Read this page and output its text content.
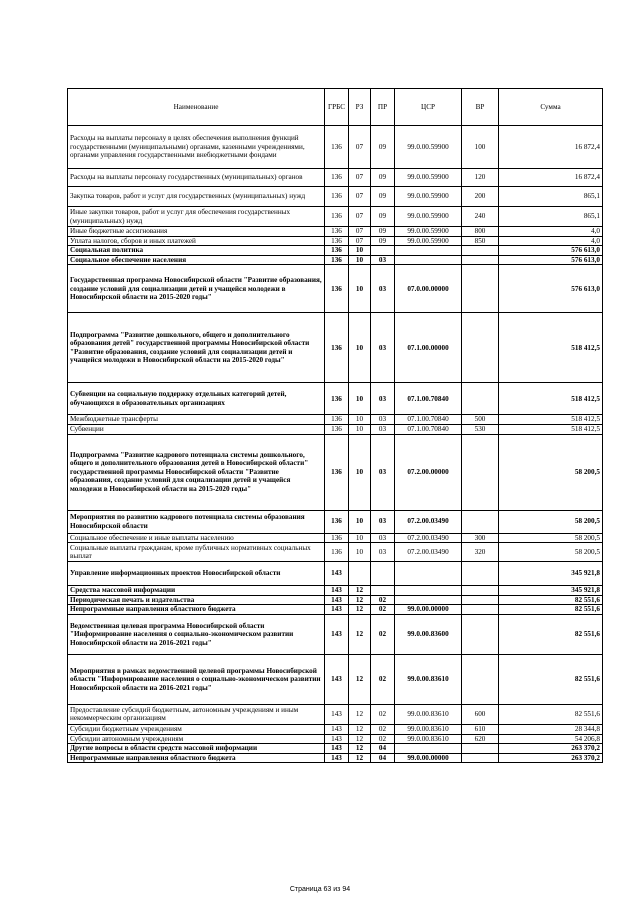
Наименование	ГРБС	РЗ	ПР	ЦСР	ВР	Сумма
Расходы на выплаты персоналу в целях обеспечения выполнения функций государственными (муниципальными) органами, казенными учреждениями, органами управления государственными внебюджетными фондами	136	07	09	99.0.00.59900	100	16 872,4
Расходы на выплаты персоналу государственных (муниципальных) органов	136	07	09	99.0.00.59900	120	16 872,4
Закупка товаров, работ и услуг для государственных (муниципальных) нужд	136	07	09	99.0.00.59900	200	865,1
Иные закупки товаров, работ и услуг для обеспечения государственных (муниципальных) нужд	136	07	09	99.0.00.59900	240	865,1
Иные бюджетные ассигнования	136	07	09	99.0.00.59900	800	4,0
Уплата налогов, сборов и иных платежей	136	07	09	99.0.00.59900	850	4,0
Социальная политика	136	10				576 613,0
Социальное обеспечение населения	136	10	03			576 613,0
Государственная программа Новосибирской области "Развитие образования, создание условий для социализации детей и учащейся молодежи в Новосибирской области на 2015-2020 годы"	136	10	03	07.0.00.00000		576 613,0
Подпрограмма "Развитие дошкольного, общего и дополнительного образования детей" государственной программы Новосибирской области "Развитие образования, создание условий для социализации детей и учащейся молодежи в Новосибирской области на 2015-2020 годы"	136	10	03	07.1.00.00000		518 412,5
Субвенции на социальную поддержку отдельных категорий детей, обучающихся в образовательных организациях	136	10	03	07.1.00.70840		518 412,5
Межбюджетные трансферты	136	10	03	07.1.00.70840	500	518 412,5
Субвенции	136	10	03	07.1.00.70840	530	518 412,5
Подпрограмма "Развитие кадрового потенциала системы дошкольного, общего и дополнительного образования детей в Новосибирской области" государственной программы Новосибирской области "Развитие образования, создание условий для социализации детей и учащейся молодежи в Новосибирской области на 2015-2020 годы"	136	10	03	07.2.00.00000		58 200,5
Мероприятия по развитию кадрового потенциала системы образования Новосибирской области	136	10	03	07.2.00.03490		58 200,5
Социальное обеспечение и иные выплаты населению	136	10	03	07.2.00.03490	300	58 200,5
Социальные выплаты гражданам, кроме публичных нормативных социальных выплат	136	10	03	07.2.00.03490	320	58 200,5
Управление информационных проектов Новосибирской области	143					345 921,8
Средства массовой информации	143	12				345 921,8
Периодическая печать и издательства	143	12	02			82 551,6
Непрограммные направления областного бюджета	143	12	02	99.0.00.00000		82 551,6
Ведомственная целевая программа Новосибирской области "Информирование населения о социально-экономическом развитии Новосибирской области на 2016-2021 годы"	143	12	02	99.0.00.83600		82 551,6
Мероприятия в рамках ведомственной целевой программы Новосибирской области "Информирование населения о социально-экономическом развитии Новосибирской области на 2016-2021 годы"	143	12	02	99.0.00.83610		82 551,6
Предоставление субсидий бюджетным, автономным учреждениям и иным некоммерческим организациям	143	12	02	99.0.00.83610	600	82 551,6
Субсидии бюджетным учреждениям	143	12	02	99.0.00.83610	610	28 344,8
Субсидии автономным учреждениям	143	12	02	99.0.00.83610	620	54 206,8
Другие вопросы в области средств массовой информации	143	12	04			263 370,2
Непрограммные направления областного бюджета	143	12	04	99.0.00.00000		263 370,2
Страница 63 из 94
